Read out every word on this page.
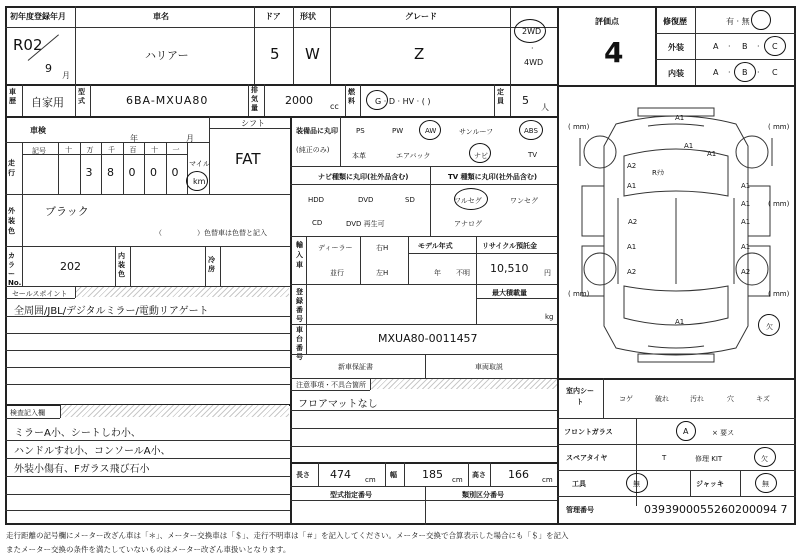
初年度登録年月	車名	ドア 形状	グレード
R02
9
月
ハリアー	5 W	Z
2WD
·
4WD
車歴 自家用
型式	6BA-MXUA80
排気量
2000 cc
燃料	G · D · HV · ( )
定員 5
人
車検
年	月
シフト
FAT
走行
記号	十 万
3
千
8
百
0
十
0
一
0
マイル
km
外装色
ブラック
（　　　　　）色替車は色替と記入
カラーNo.
202
内装色
冷房
セールスポイント
全周囲/JBL/デジタルミラー/電動リアゲート
検査記入欄
ミラーA小、シートしわ小、
ハンドルすれ小、コンソールA小、
外装小傷有、Fガラス飛び石小
装備品に丸印
(純正のみ)
PS	PW	AW	サンルーフ	ABS
本革	エアバック	ナビ	TV
ナビ種類に丸印(社外品含む)	TV 種類に丸印(社外品含む)
HDD	DVD	SD
CD	DVD 再生可
フルセグ	ワンセグ
アナログ
輸入車
ディーラー
並行
右H
左H
モデル年式
年 不明
リサイクル預託金
10,510 円
登録番号
最大積載量
kg
車台番号
MXUA80-0011457
新車保証書	車両取説
注意事項・不具合箇所
フロアマットなし
長さ 474 cm
幅 185 cm
高さ 166 cm
型式指定番号	類別区分番号
評価点
4
修復歴	有 · 無
外装	A · B · C
内装	A · B · C
( mm)	( mm)
( mm)	( mm)
( mm)
A1
A1
A1
A2
A1	A1
A2	A1
A1	A1
A2	A2
A1
A1
Rﾃｶ
欠
室内シート	コゲ	破れ	汚れ	穴	キズ
フロントガラス	A	× 要ス
スペアタイヤ	T	修理 KIT	欠
工具	無	ジャッキ	無
管理番号	0393900055260200094 7
走行距離の記号欄にメーター改ざん車は「＊」、メーター交換車は「＄」、走行不明車は「＃」を記入してください。メーター交換で合算表示した場合にも「＄」を記入
またメーター交換の条件を満たしていないものはメーター改ざん車扱いとなります。
